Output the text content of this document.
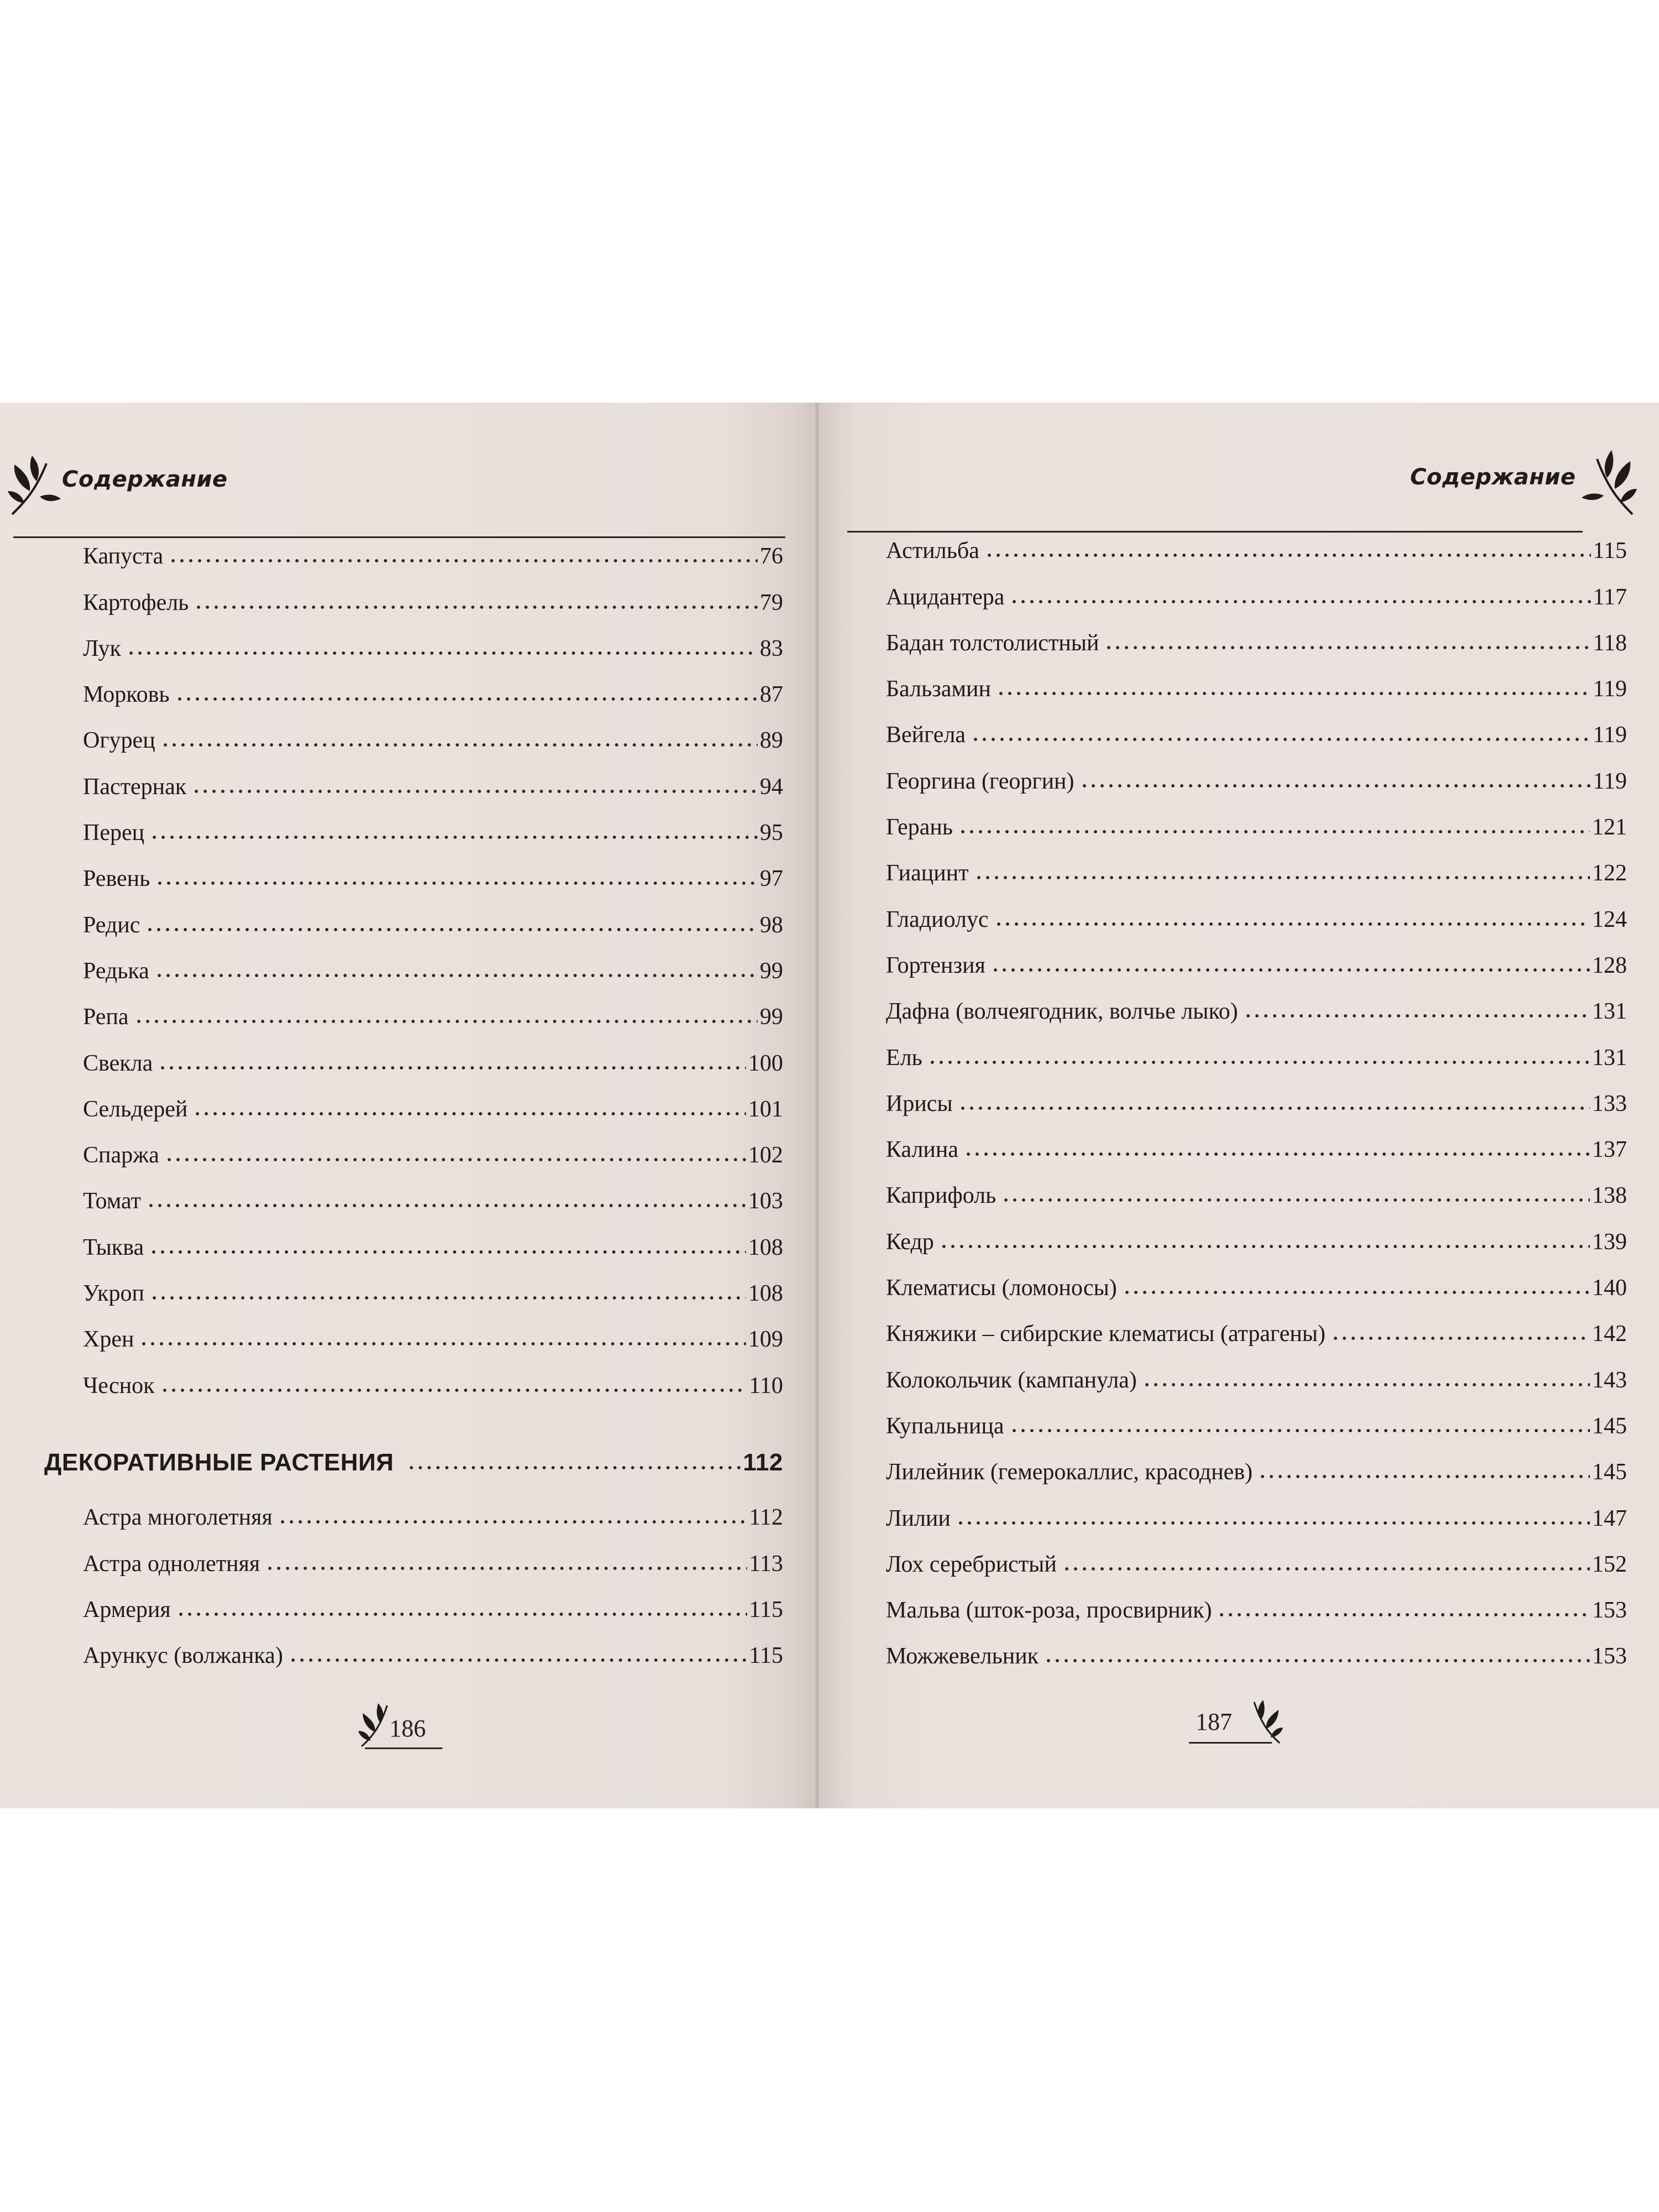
Содержание
Капуста	76
Картофель	79
Лук	83
Морковь	87
Огурец	89
Пастернак	94
Перец	95
Ревень	97
Редис	98
Редька	99
Репа	99
Свекла	100
Сельдерей	101
Спаржа	102
Томат	103
Тыква	108
Укроп	108
Хрен	109
Чеснок	110
ДЕКОРАТИВНЫЕ РАСТЕНИЯ	112
Астра многолетняя	112
Астра однолетняя	113
Армерия	115
Арункус (волжанка)	115
186
Содержание
Астильба	115
Ацидантера	117
Бадан толстолистный	118
Бальзамин	119
Вейгела	119
Георгина (георгин)	119
Герань	121
Гиацинт	122
Гладиолус	124
Гортензия	128
Дафна (волчеягодник, волчье лыко)	131
Ель	131
Ирисы	133
Калина	137
Каприфоль	138
Кедр	139
Клематисы (ломоносы)	140
Княжики – сибирские клематисы (атрагены)	142
Колокольчик (кампанула)	143
Купальница	145
Лилейник (гемерокаллис, красоднев)	145
Лилии	147
Лох серебристый	152
Мальва (шток-роза, просвирник)	153
Можжевельник	153
187
